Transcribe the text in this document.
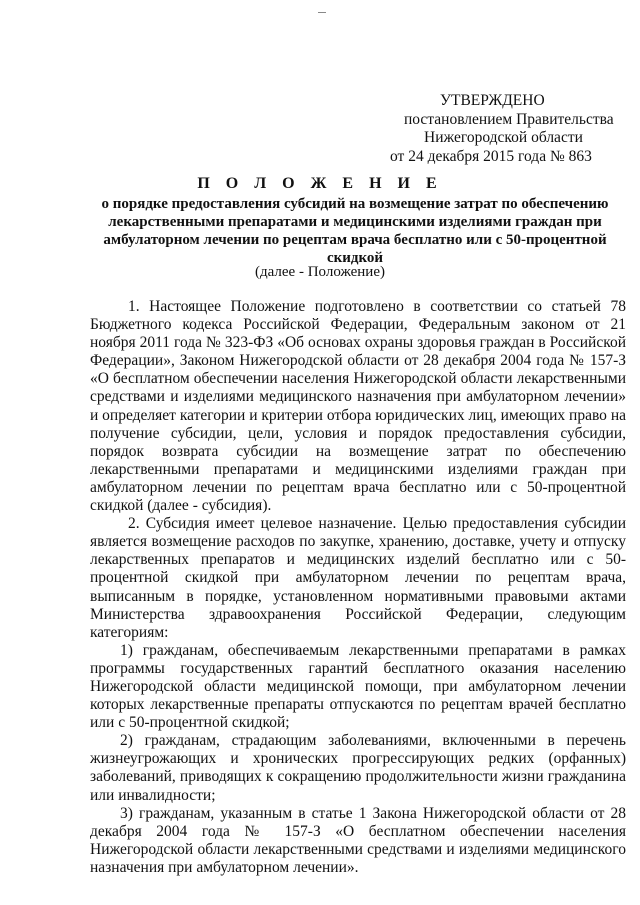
УТВЕРЖДЕНО
постановлением Правительства
Нижегородской области
от 24 декабря 2015 года № 863
П О Л О Ж Е Н И Е
о порядке предоставления субсидий на возмещение затрат по обеспечению лекарственными препаратами и медицинскими изделиями граждан при амбулаторном лечении по рецептам врача бесплатно или с 50-процентной скидкой
(далее - Положение)

1. Настоящее Положение подготовлено в соответствии со статьей 78 Бюджетного кодекса Российской Федерации, Федеральным законом от 21 ноября 2011 года № 323-ФЗ «Об основах охраны здоровья граждан в Российской Федерации», Законом Нижегородской области от 28 декабря 2004 года № 157-З «О бесплатном обеспечении населения Нижегородской области лекарственными средствами и изделиями медицинского назначения при амбулаторном лечении» и определяет категории и критерии отбора юридических лиц, имеющих право на получение субсидии, цели, условия и порядок предоставления субсидии, порядок возврата субсидии на возмещение затрат по обеспечению лекарственными препаратами и медицинскими изделиями граждан при амбулаторном лечении по рецептам врача бесплатно или с 50-процентной скидкой (далее - субсидия).

2. Субсидия имеет целевое назначение. Целью предоставления субсидии является возмещение расходов по закупке, хранению, доставке, учету и отпуску лекарственных препаратов и медицинских изделий бесплатно или с 50-процентной скидкой при амбулаторном лечении по рецептам врача, выписанным в порядке, установленном нормативными правовыми актами Министерства здравоохранения Российской Федерации, следующим категориям:

1) гражданам, обеспечиваемым лекарственными препаратами в рамках программы государственных гарантий бесплатного оказания населению Нижегородской области медицинской помощи, при амбулаторном лечении которых лекарственные препараты отпускаются по рецептам врачей бесплатно или с 50-процентной скидкой;

2) гражданам, страдающим заболеваниями, включенными в перечень жизнеугрожающих и хронических прогрессирующих редких (орфанных) заболеваний, приводящих к сокращению продолжительности жизни гражданина или инвалидности;

3) гражданам, указанным в статье 1 Закона Нижегородской области от 28 декабря 2004 года № 157-З «О бесплатном обеспечении населения Нижегородской области лекарственными средствами и изделиями медицинского назначения при амбулаторном лечении».
